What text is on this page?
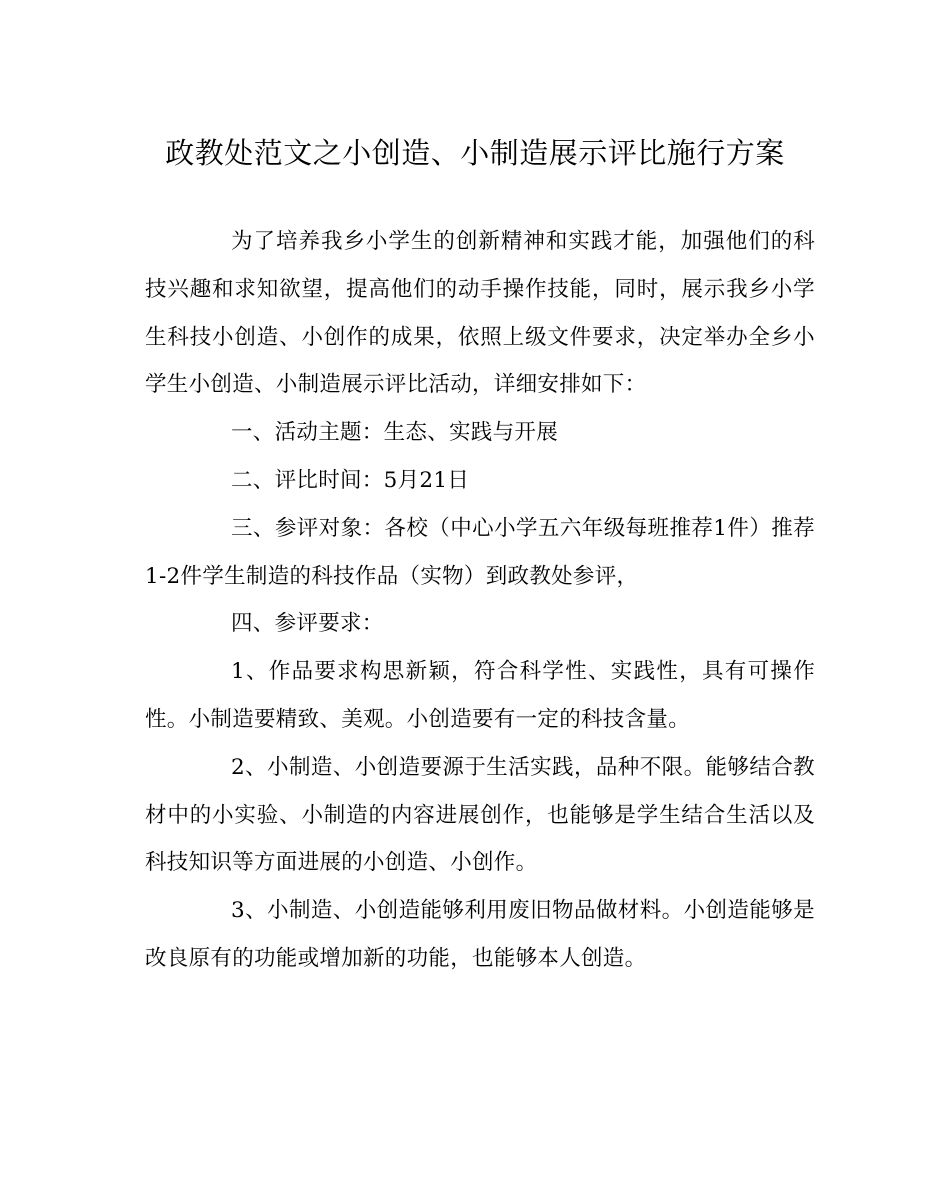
政教处范文之小创造、小制造展示评比施行方案

为了培养我乡小学生的创新精神和实践才能，加强他们的科技兴趣和求知欲望，提高他们的动手操作技能，同时，展示我乡小学生科技小创造、小创作的成果，依照上级文件要求，决定举办全乡小学生小创造、小制造展示评比活动，详细安排如下：

一、活动主题：生态、实践与开展

二、评比时间：5月21日

三、参评对象：各校（中心小学五六年级每班推荐1件）推荐1-2件学生制造的科技作品（实物）到政教处参评，

四、参评要求：

1、作品要求构思新颖，符合科学性、实践性，具有可操作性。小制造要精致、美观。小创造要有一定的科技含量。

2、小制造、小创造要源于生活实践，品种不限。能够结合教材中的小实验、小制造的内容进展创作，也能够是学生结合生活以及科技知识等方面进展的小创造、小创作。

3、小制造、小创造能够利用废旧物品做材料。小创造能够是改良原有的功能或增加新的功能，也能够本人创造。
